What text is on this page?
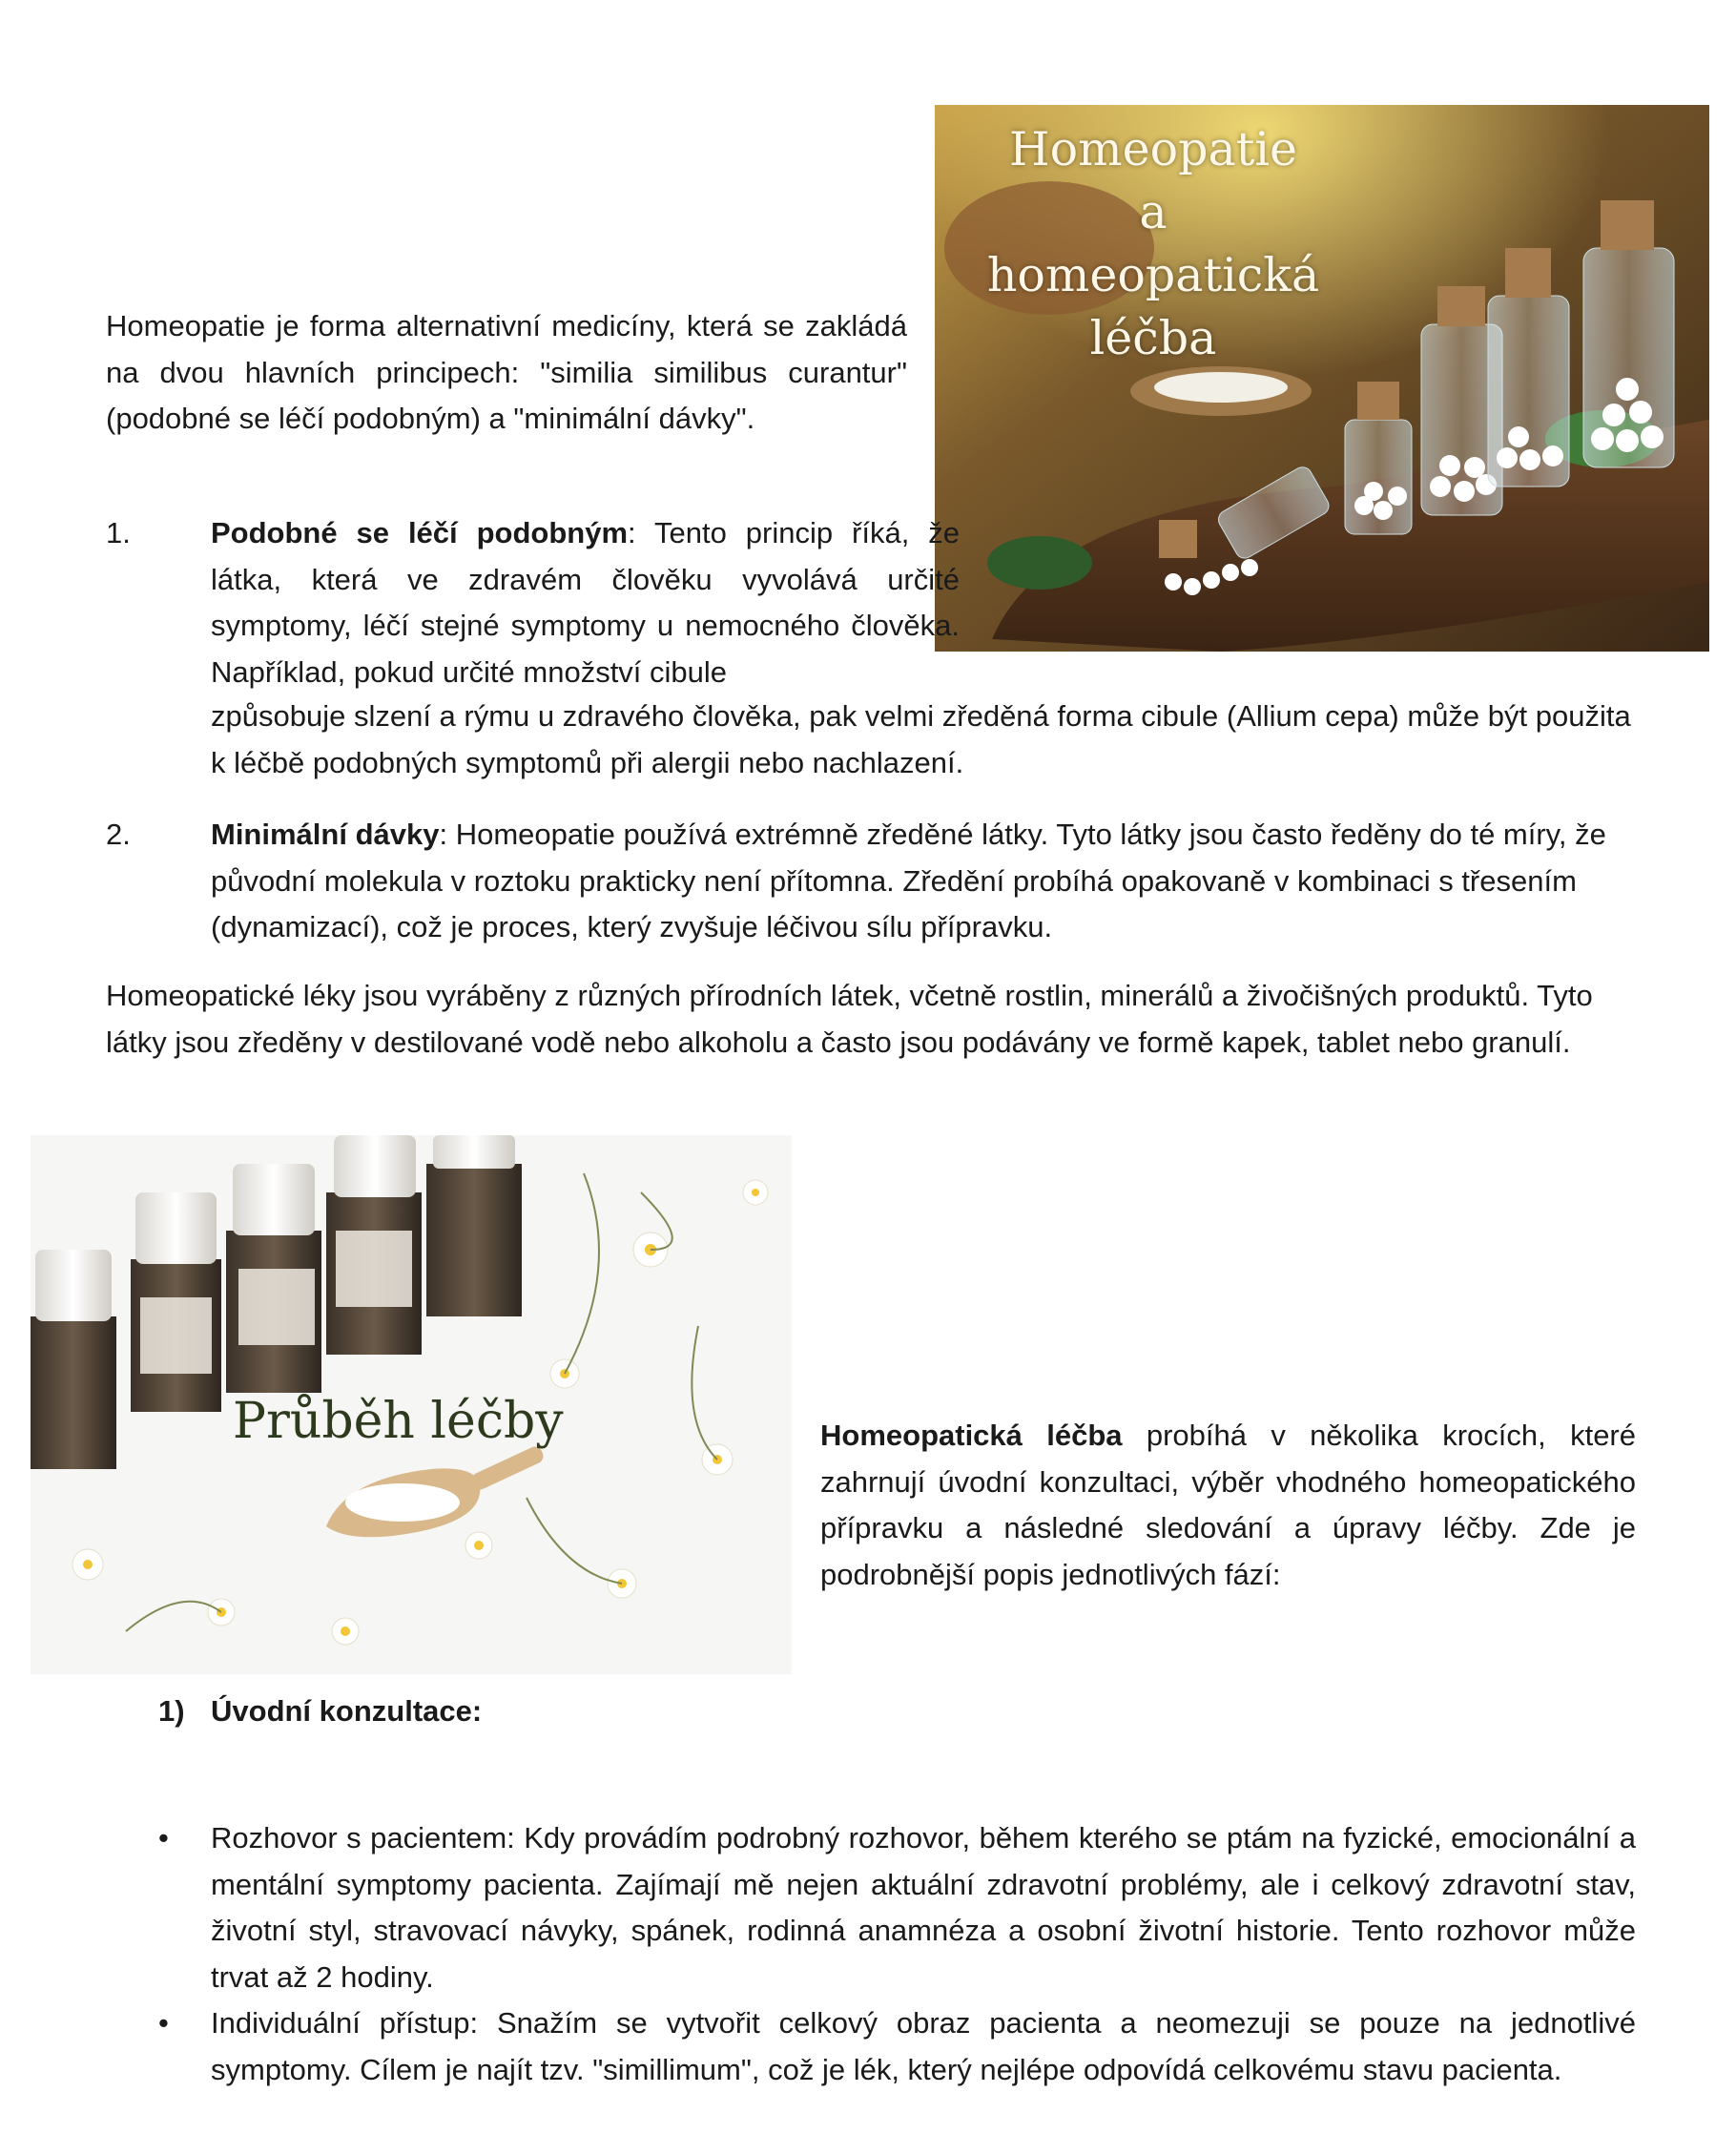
Homeopatie
a
homeopatická
léčba

Homeopatie je forma alternativní medicíny, která se zakládá na dvou hlavních principech: "similia similibus curantur" (podobné se léčí podobným) a "minimální dávky".

1.	Podobné se léčí podobným: Tento princip říká, že látka, která ve zdravém člověku vyvolává určité symptomy, léčí stejné symptomy u nemocného člověka. Například, pokud určité množství cibule

způsobuje slzení a rýmu u zdravého člověka, pak velmi zředěná forma cibule (Allium cepa) může být použita k léčbě podobných symptomů při alergii nebo nachlazení.

2.	Minimální dávky: Homeopatie používá extrémně zředěné látky. Tyto látky jsou často ředěny do té míry, že původní molekula v roztoku prakticky není přítomna. Zředění probíhá opakovaně v kombinaci s třesením (dynamizací), což je proces, který zvyšuje léčivou sílu přípravku.

Homeopatické léky jsou vyráběny z různých přírodních látek, včetně rostlin, minerálů a živočišných produktů. Tyto látky jsou zředěny v destilované vodě nebo alkoholu a často jsou podávány ve formě kapek, tablet nebo granulí.

Průběh léčby	Homeopatická léčba probíhá v několika krocích, které zahrnují úvodní konzultaci, výběr vhodného homeopatického přípravku a následné sledování a úpravy léčby. Zde je podrobnější popis jednotlivých fází:

1) Úvodní konzultace:

• Rozhovor s pacientem: Kdy provádím podrobný rozhovor, během kterého se ptám na fyzické, emocionální a mentální symptomy pacienta. Zajímají mě nejen aktuální zdravotní problémy, ale i celkový zdravotní stav, životní styl, stravovací návyky, spánek, rodinná anamnéza a osobní životní historie. Tento rozhovor může trvat až 2 hodiny.
• Individuální přístup: Snažím se vytvořit celkový obraz pacienta a neomezuji se pouze na jednotlivé symptomy. Cílem je najít tzv. "simillimum", což je lék, který nejlépe odpovídá celkovému stavu pacienta.
